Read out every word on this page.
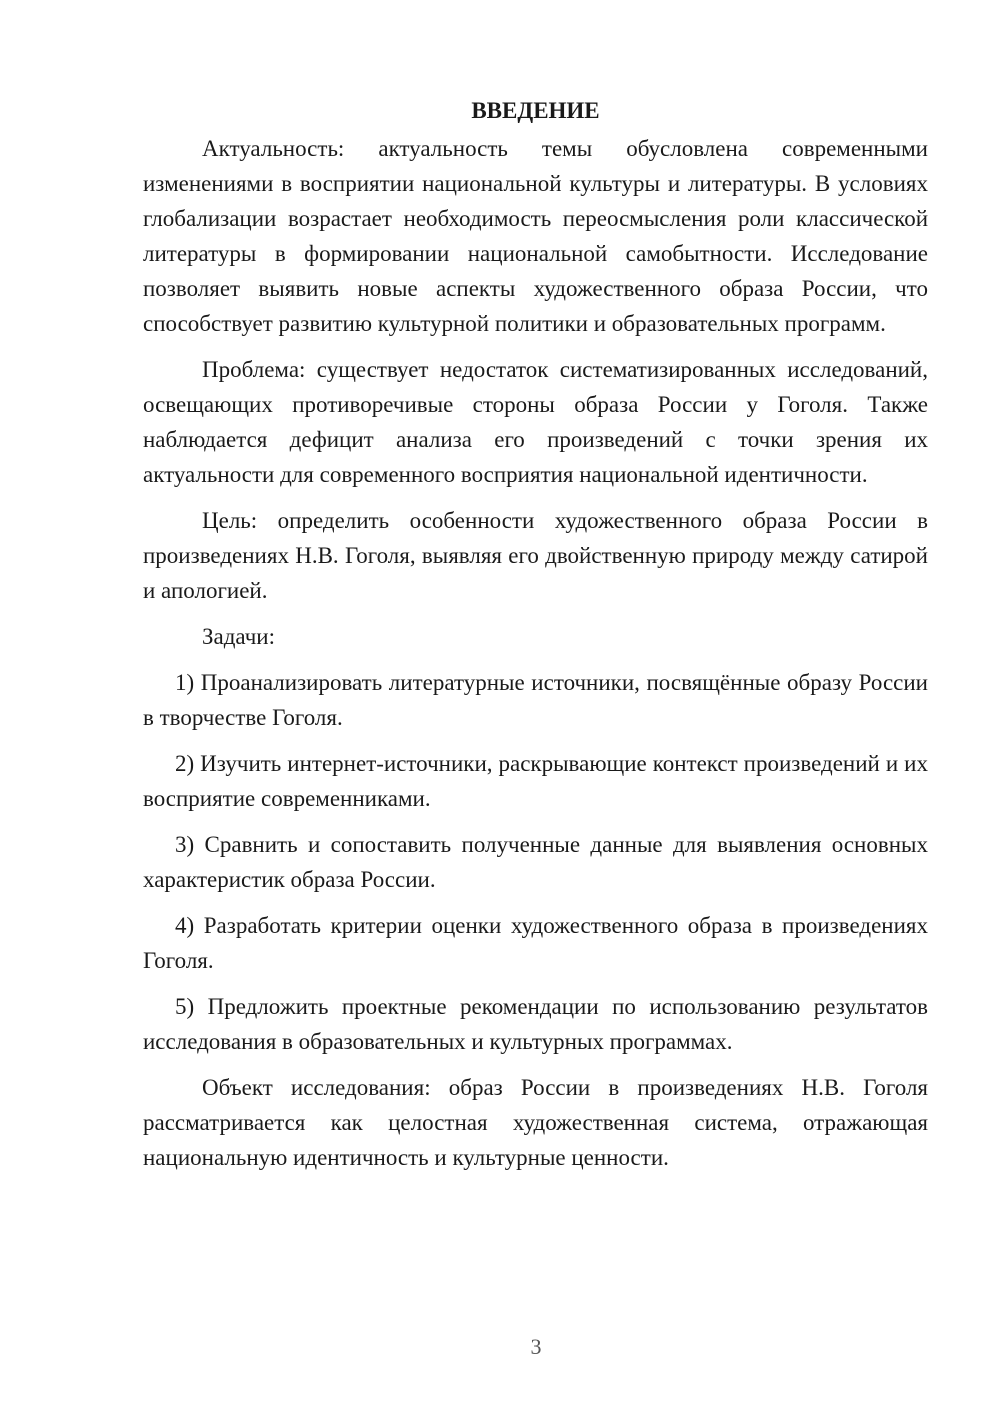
ВВЕДЕНИЕ

Актуальность: актуальность темы обусловлена современными изменениями в восприятии национальной культуры и литературы. В условиях глобализации возрастает необходимость переосмысления роли классической литературы в формировании национальной самобытности. Исследование позволяет выявить новые аспекты художественного образа России, что способствует развитию культурной политики и образовательных программ.

Проблема: существует недостаток систематизированных исследований, освещающих противоречивые стороны образа России у Гоголя. Также наблюдается дефицит анализа его произведений с точки зрения их актуальности для современного восприятия национальной идентичности.

Цель: определить особенности художественного образа России в произведениях Н.В. Гоголя, выявляя его двойственную природу между сатирой и апологией.

Задачи:

1) Проанализировать литературные источники, посвящённые образу России в творчестве Гоголя.

2) Изучить интернет-источники, раскрывающие контекст произведений и их восприятие современниками.

3) Сравнить и сопоставить полученные данные для выявления основных характеристик образа России.

4) Разработать критерии оценки художественного образа в произведениях Гоголя.

5) Предложить проектные рекомендации по использованию результатов исследования в образовательных и культурных программах.

Объект исследования: образ России в произведениях Н.В. Гоголя рассматривается как целостная художественная система, отражающая национальную идентичность и культурные ценности.

3
